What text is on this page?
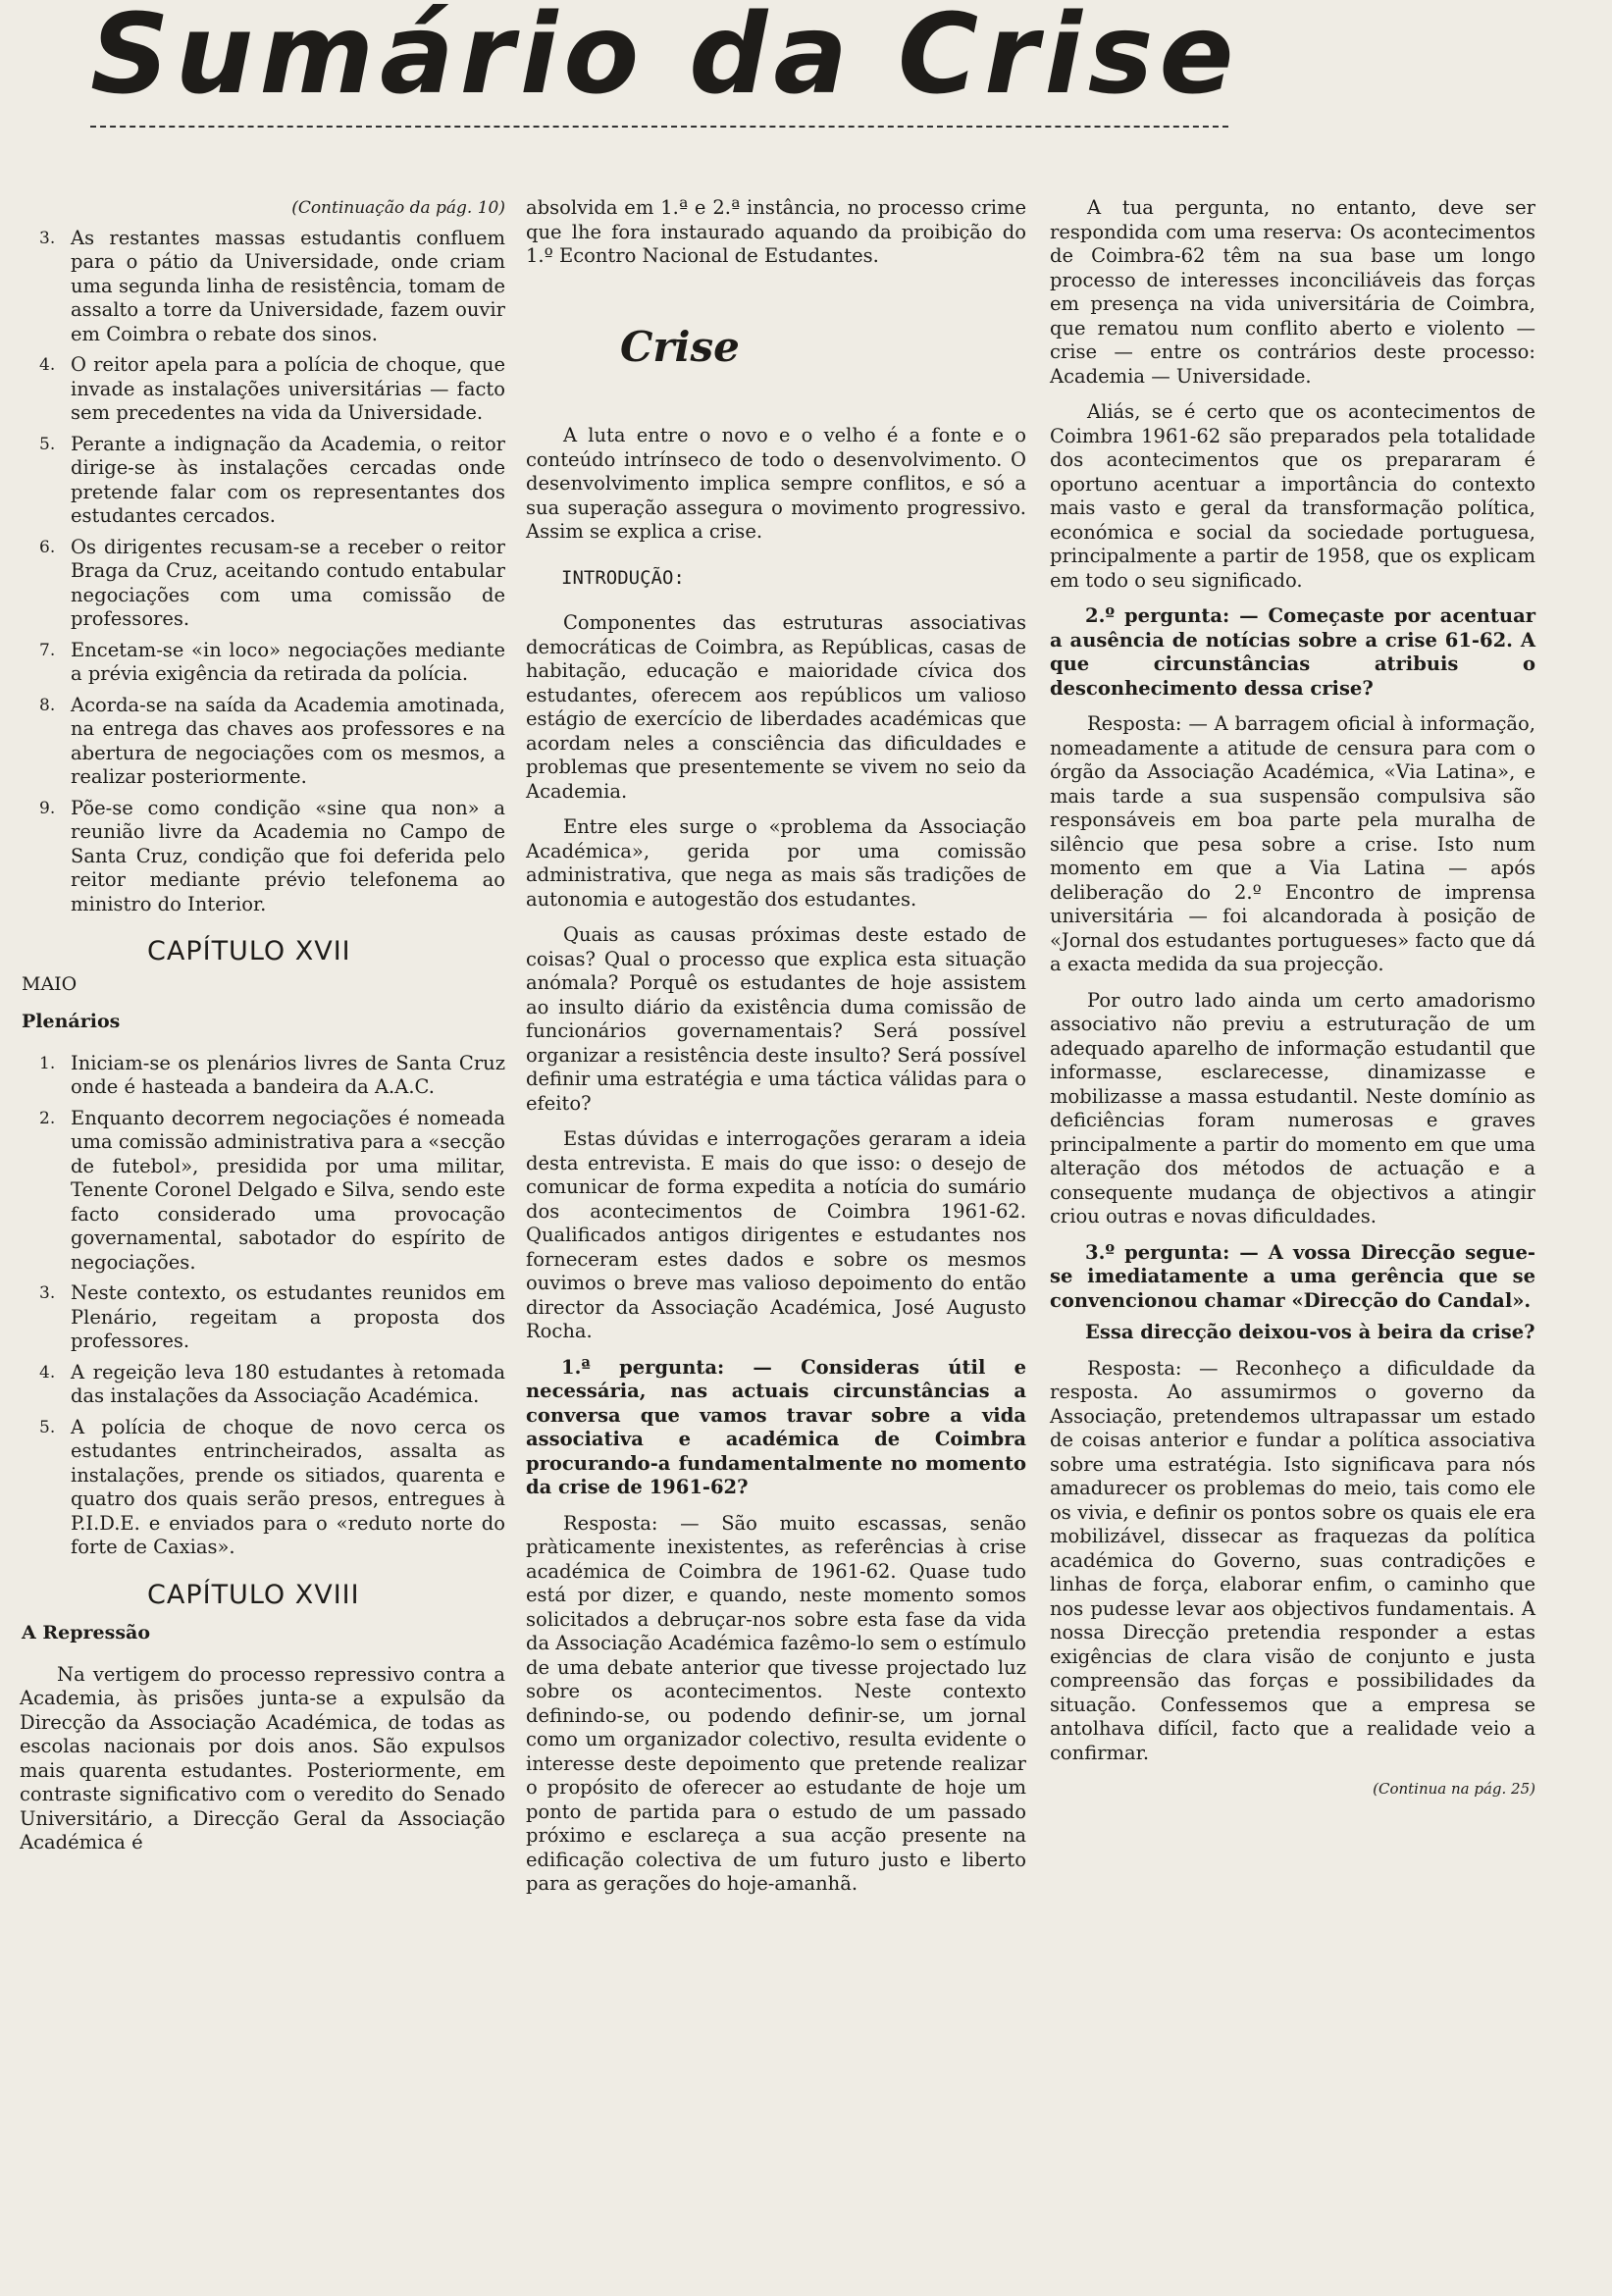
Sumário da Crise
(Continuação da pág. 10)
3. As restantes massas estudantis confluem para o pátio da Universidade, onde criam uma segunda linha de resistência, tomam de assalto a torre da Universidade, fazem ouvir em Coimbra o rebate dos sinos.
4. O reitor apela para a polícia de choque, que invade as instalações universitárias — facto sem precedentes na vida da Universidade.
5. Perante a indignação da Academia, o reitor dirige-se às instalações cercadas onde pretende falar com os representantes dos estudantes cercados.
6. Os dirigentes recusam-se a receber o reitor Braga da Cruz, aceitando contudo entabular negociações com uma comissão de professores.
7. Encetam-se «in loco» negociações mediante a prévia exigência da retirada da polícia.
8. Acorda-se na saída da Academia amotinada, na entrega das chaves aos professores e na abertura de negociações com os mesmos, a realizar posteriormente.
9. Põe-se como condição «sine qua non» a reunião livre da Academia no Campo de Santa Cruz, condição que foi deferida pelo reitor mediante prévio telefonema ao ministro do Interior.
CAPÍTULO XVII
MAIO
Plenários
1. Iniciam-se os plenários livres de Santa Cruz onde é hasteada a bandeira da A.A.C.
2. Enquanto decorrem negociações é nomeada uma comissão administrativa para a «secção de futebol», presidida por uma militar, Tenente Coronel Delgado e Silva, sendo este facto considerado uma provocação governamental, sabotador do espírito de negociações.
3. Neste contexto, os estudantes reunidos em Plenário, regeitam a proposta dos professores.
4. A regeição leva 180 estudantes à retomada das instalações da Associação Académica.
5. A polícia de choque de novo cerca os estudantes entrincheirados, assalta as instalações, prende os sitiados, quarenta e quatro dos quais serão presos, entregues à P.I.D.E. e enviados para o «reduto norte do forte de Caxias».
CAPÍTULO XVIII
A Repressão

Na vertigem do processo repressivo contra a Academia, às prisões junta-se a expulsão da Direcção da Associação Académica, de todas as escolas nacionais por dois anos. São expulsos mais quarenta estudantes. Posteriormente, em contraste significativo com o veredito do Senado Universitário, a Direcção Geral da Associação Académica é

absolvida em 1.ª e 2.ª instância, no processo crime que lhe fora instaurado aquando da proibição do 1.º Econtro Nacional de Estudantes.

Crise

A luta entre o novo e o velho é a fonte e o conteúdo intrínseco de todo o desenvolvimento. O desenvolvimento implica sempre conflitos, e só a sua superação assegura o movimento progressivo. Assim se explica a crise.

INTRODUÇÃO:

Componentes das estruturas associativas democráticas de Coimbra, as Repúblicas, casas de habitação, educação e maioridade cívica dos estudantes, oferecem aos repúblicos um valioso estágio de exercício de liberdades académicas que acordam neles a consciência das dificuldades e problemas que presentemente se vivem no seio da Academia.

Entre eles surge o «problema da Associação Académica», gerida por uma comissão administrativa, que nega as mais sãs tradições de autonomia e autogestão dos estudantes.

Quais as causas próximas deste estado de coisas? Qual o processo que explica esta situação anómala? Porquê os estudantes de hoje assistem ao insulto diário da existência duma comissão de funcionários governamentais? Será possível organizar a resistência deste insulto? Será possível definir uma estratégia e uma táctica válidas para o efeito?

Estas dúvidas e interrogações geraram a ideia desta entrevista. E mais do que isso: o desejo de comunicar de forma expedita a notícia do sumário dos acontecimentos de Coimbra 1961-62. Qualificados antigos dirigentes e estudantes nos forneceram estes dados e sobre os mesmos ouvimos o breve mas valioso depoimento do então director da Associação Académica, José Augusto Rocha.

1.ª pergunta: — Consideras útil e necessária, nas actuais circunstâncias a conversa que vamos travar sobre a vida associativa e académica de Coimbra procurando-a fundamentalmente no momento da crise de 1961-62?

Resposta: — São muito escassas, senão pràticamente inexistentes, as referências à crise académica de Coimbra de 1961-62. Quase tudo está por dizer, e quando, neste momento somos solicitados a debruçar-nos sobre esta fase da vida da Associação Académica fazêmo-lo sem o estímulo de uma debate anterior que tivesse projectado luz sobre os acontecimentos. Neste contexto definindo-se, ou podendo definir-se, um jornal como um organizador colectivo, resulta evidente o interesse deste depoimento que pretende realizar o propósito de oferecer ao estudante de hoje um ponto de partida para o estudo de um passado próximo e esclareça a sua acção presente na edificação colectiva de um futuro justo e liberto para as gerações do hoje-amanhã.

A tua pergunta, no entanto, deve ser respondida com uma reserva: Os acontecimentos de Coimbra-62 têm na sua base um longo processo de interesses inconciliáveis das forças em presença na vida universitária de Coimbra, que rematou num conflito aberto e violento — crise — entre os contrários deste processo: Academia — Universidade.

Aliás, se é certo que os acontecimentos de Coimbra 1961-62 são preparados pela totalidade dos acontecimentos que os prepararam é oportuno acentuar a importância do contexto mais vasto e geral da transformação política, económica e social da sociedade portuguesa, principalmente a partir de 1958, que os explicam em todo o seu significado.

2.º pergunta: — Começaste por acentuar a ausência de notícias sobre a crise 61-62. A que circunstâncias atribuis o desconhecimento dessa crise?

Resposta: — A barragem oficial à informação, nomeadamente a atitude de censura para com o órgão da Associação Académica, «Via Latina», e mais tarde a sua suspensão compulsiva são responsáveis em boa parte pela muralha de silêncio que pesa sobre a crise. Isto num momento em que a Via Latina — após deliberação do 2.º Encontro de imprensa universitária — foi alcandorada à posição de «Jornal dos estudantes portugueses» facto que dá a exacta medida da sua projecção.

Por outro lado ainda um certo amadorismo associativo não previu a estruturação de um adequado aparelho de informação estudantil que informasse, esclarecesse, dinamizasse e mobilizasse a massa estudantil. Neste domínio as deficiências foram numerosas e graves principalmente a partir do momento em que uma alteração dos métodos de actuação e a consequente mudança de objectivos a atingir criou outras e novas dificuldades.

3.º pergunta: — A vossa Direcção segue-se imediatamente a uma gerência que se convencionou chamar «Direcção do Candal».

Essa direcção deixou-vos à beira da crise?

Resposta: — Reconheço a dificuldade da resposta. Ao assumirmos o governo da Associação, pretendemos ultrapassar um estado de coisas anterior e fundar a política associativa sobre uma estratégia. Isto significava para nós amadurecer os problemas do meio, tais como ele os vivia, e definir os pontos sobre os quais ele era mobilizável, dissecar as fraquezas da política académica do Governo, suas contradições e linhas de força, elaborar enfim, o caminho que nos pudesse levar aos objectivos fundamentais. A nossa Direcção pretendia responder a estas exigências de clara visão de conjunto e justa compreensão das forças e possibilidades da situação. Confessemos que a empresa se antolhava difícil, facto que a realidade veio a confirmar.

(Continua na pág. 25)
